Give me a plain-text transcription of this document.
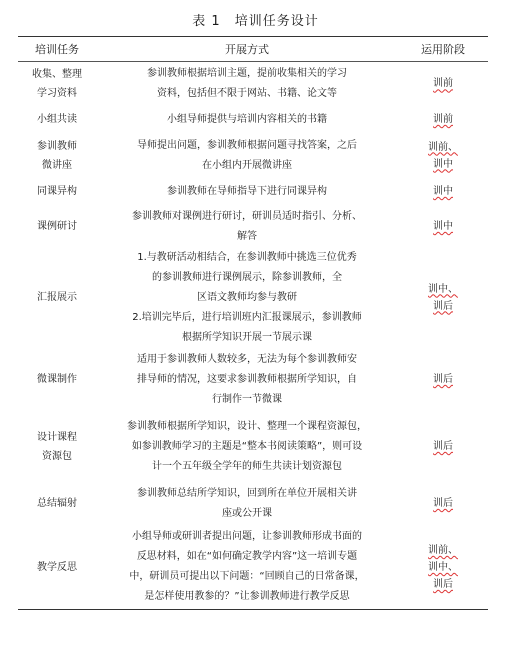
表 1　培训任务设计
培训任务	开展方式	运用阶段

收集、整理
学习资料	参训教师根据培训主题，提前收集相关的学习
资料，包括但不限于网站、书籍、论文等	训前

小组共读	小组导师提供与培训内容相关的书籍	训前

参训教师
微讲座	导师提出问题，参训教师根据问题寻找答案，之后
在小组内开展微讲座	训前、
训中

同课异构	参训教师在导师指导下进行同课异构	训中

课例研讨	参训教师对课例进行研讨，研训员适时指引、分析、
解答	训中

汇报展示	1.与教研活动相结合，在参训教师中挑选三位优秀
的参训教师进行课例展示，除参训教师，全
区语文教师均参与教研
2.培训完毕后，进行培训班内汇报课展示，参训教师
根据所学知识开展一节展示课	训中、
训后

微课制作	适用于参训教师人数较多，无法为每个参训教师安
排导师的情况，这要求参训教师根据所学知识，自
行制作一节微课	训后

设计课程
资源包	参训教师根据所学知识，设计、整理一个课程资源包，
如参训教师学习的主题是“整本书阅读策略”，则可设
计一个五年级全学年的师生共读计划资源包	训后

总结辐射	参训教师总结所学知识，回到所在单位开展相关讲
座或公开课	训后

教学反思	小组导师或研训者提出问题，让参训教师形成书面的
反思材料，如在“如何确定教学内容”这一培训专题
中，研训员可提出以下问题：“回顾自己的日常备课，
是怎样使用教参的？”让参训教师进行教学反思	训前、
训中、
训后
